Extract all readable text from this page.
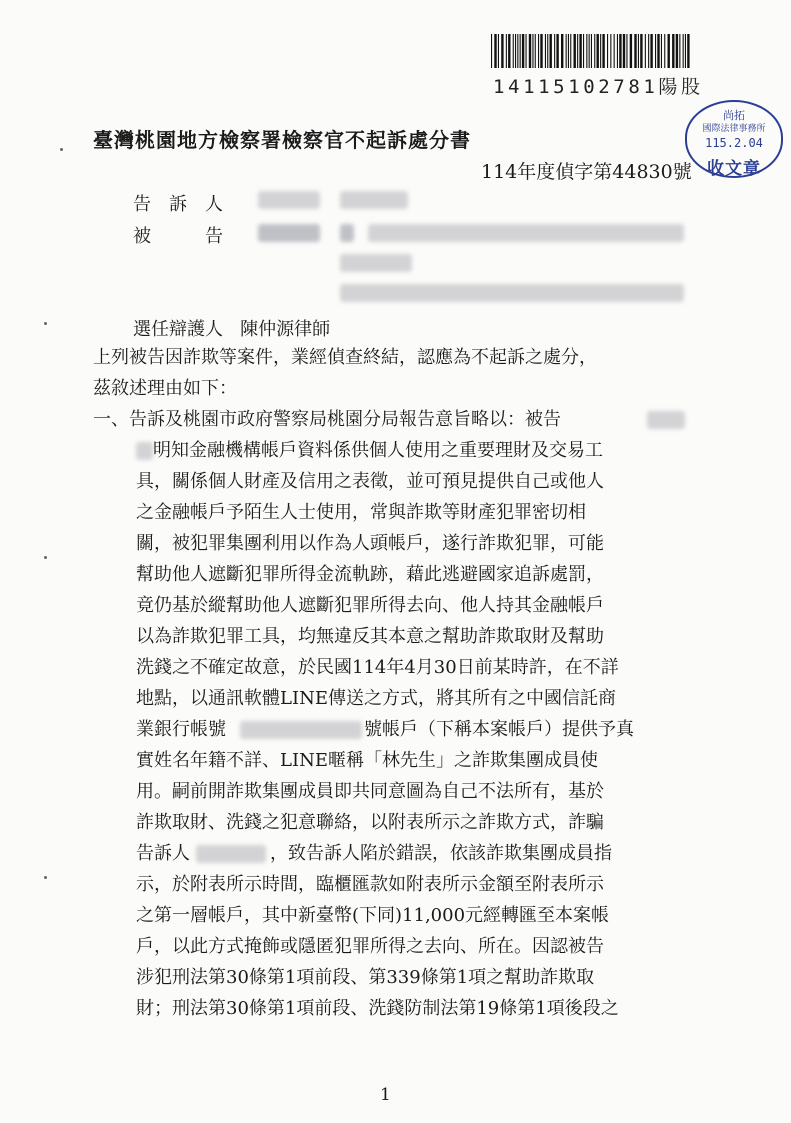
14115102781陽股
尚拓
國際法律事務所
115.2.04
收文章
臺灣桃園地方檢察署檢察官不起訴處分書
114年度偵字第44830號
告　訴　人
被　　　告
選任辯護人 陳仲源律師
上列被告因詐欺等案件，業經偵查終結，認應為不起訴之處分，
茲敘述理由如下：
一、告訴及桃園市政府警察局桃園分局報告意旨略以：被告
明知金融機構帳戶資料係供個人使用之重要理財及交易工
具，關係個人財產及信用之表徵，並可預見提供自己或他人
之金融帳戶予陌生人士使用，常與詐欺等財產犯罪密切相
關，被犯罪集團利用以作為人頭帳戶，遂行詐欺犯罪，可能
幫助他人遮斷犯罪所得金流軌跡，藉此逃避國家追訴處罰，
竟仍基於縱幫助他人遮斷犯罪所得去向、他人持其金融帳戶
以為詐欺犯罪工具，均無違反其本意之幫助詐欺取財及幫助
洗錢之不確定故意，於民國114年4月30日前某時許，在不詳
地點，以通訊軟體LINE傳送之方式，將其所有之中國信託商
業銀行帳號	號帳戶（下稱本案帳戶）提供予真
實姓名年籍不詳、LINE暱稱「林先生」之詐欺集團成員使
用。嗣前開詐欺集團成員即共同意圖為自己不法所有，基於
詐欺取財、洗錢之犯意聯絡，以附表所示之詐欺方式，詐騙
告訴人	，致告訴人陷於錯誤，依該詐欺集團成員指
示，於附表所示時間，臨櫃匯款如附表所示金額至附表所示
之第一層帳戶，其中新臺幣(下同)11,000元經轉匯至本案帳
戶，以此方式掩飾或隱匿犯罪所得之去向、所在。因認被告
涉犯刑法第30條第1項前段、第339條第1項之幫助詐欺取
財；刑法第30條第1項前段、洗錢防制法第19條第1項後段之
1
